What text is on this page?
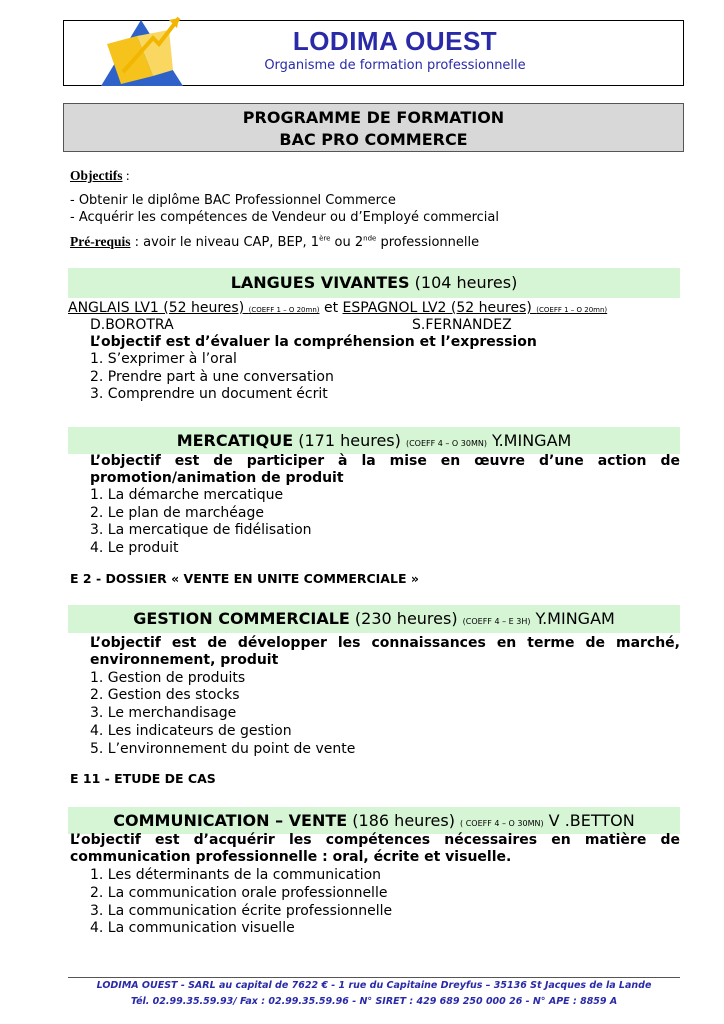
LODIMA OUEST
Organisme de formation professionnelle
PROGRAMME DE FORMATION
BAC PRO COMMERCE
Objectifs :
- Obtenir le diplôme BAC Professionnel Commerce
- Acquérir les compétences de Vendeur ou d’Employé commercial
Pré-requis : avoir le niveau CAP, BEP, 1ère ou 2nde professionnelle
LANGUES VIVANTES (104 heures)
ANGLAIS LV1 (52 heures) (COEFF 1 – O 20mn) et ESPAGNOL LV2 (52 heures) (COEFF 1 – O 20mn)
D.BOROTRA	S.FERNANDEZ
L’objectif est d’évaluer la compréhension et l’expression
1. S’exprimer à l’oral
2. Prendre part à une conversation
3. Comprendre un document écrit
MERCATIQUE (171 heures) (COEFF 4 – O 30MN) Y.MINGAM
L’objectif est de participer à la mise en œuvre d’une action de promotion/animation de produit
1. La démarche mercatique
2. Le plan de marchéage
3. La mercatique de fidélisation
4. Le produit
E 2 - DOSSIER « VENTE EN UNITE COMMERCIALE »
GESTION COMMERCIALE (230 heures) (COEFF 4 – E 3H) Y.MINGAM
L’objectif est de développer les connaissances en terme de marché, environnement, produit
1. Gestion de produits
2. Gestion des stocks
3. Le merchandisage
4. Les indicateurs de gestion
5. L’environnement du point de vente
E 11 - ETUDE DE CAS
COMMUNICATION – VENTE (186 heures) ( COEFF 4 – O 30MN) V .BETTON
L’objectif est d’acquérir les compétences nécessaires en matière de communication professionnelle : oral, écrite et visuelle.
1. Les déterminants de la communication
2. La communication orale professionnelle
3. La communication écrite professionnelle
4. La communication visuelle
LODIMA OUEST - SARL au capital de 7622 € - 1 rue du Capitaine Dreyfus – 35136 St Jacques de la Lande
Tél. 02.99.35.59.93/ Fax : 02.99.35.59.96 - N° SIRET : 429 689 250 000 26 - N° APE : 8859 A
